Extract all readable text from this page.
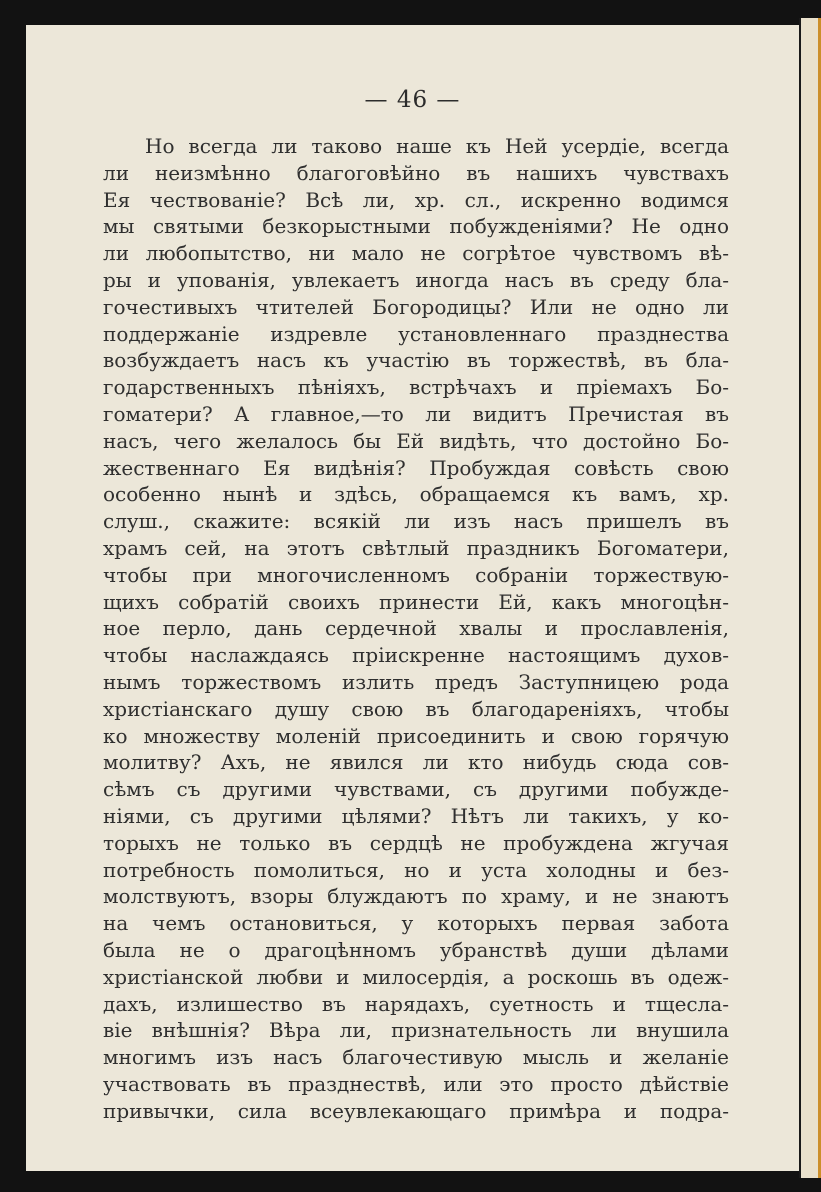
— 46 —
Но всегда ли таково наше къ Ней усердіе, всегда
ли неизмѣнно благоговѣйно въ нашихъ чувствахъ
Ея чествованіе? Всѣ ли, хр. сл., искренно водимся
мы святыми безкорыстными побужденіями? Не одно
ли любопытство, ни мало не согрѣтое чувствомъ вѣ-
ры и упованія, увлекаетъ иногда насъ въ среду бла-
гочестивыхъ чтителей Богородицы? Или не одно ли
поддержаніе издревле установленнаго празднества
возбуждаетъ насъ къ участію въ торжествѣ, въ бла-
годарственныхъ пѣніяхъ, встрѣчахъ и пріемахъ Бо-
гоматери? А главное,—то ли видитъ Пречистая въ
насъ, чего желалось бы Ей видѣть, что достойно Бо-
жественнаго Ея видѣнія? Пробуждая совѣсть свою
особенно нынѣ и здѣсь, обращаемся къ вамъ, хр.
слуш., скажите: всякій ли изъ насъ пришелъ въ
храмъ сей, на этотъ свѣтлый праздникъ Богоматери,
чтобы при многочисленномъ собраніи торжествую-
щихъ собратій своихъ принести Ей, какъ многоцѣн-
ное перло, дань сердечной хвалы и прославленія,
чтобы наслаждаясь пріискренне настоящимъ духов-
нымъ торжествомъ излить предъ Заступницею рода
христіанскаго душу свою въ благодареніяхъ, чтобы
ко множеству моленій присоединить и свою горячую
молитву? Ахъ, не явился ли кто нибудь сюда сов-
сѣмъ съ другими чувствами, съ другими побужде-
ніями, съ другими цѣлями? Нѣтъ ли такихъ, у ко-
торыхъ не только въ сердцѣ не пробуждена жгучая
потребность помолиться, но и уста холодны и без-
молствуютъ, взоры блуждаютъ по храму, и не знаютъ
на чемъ остановиться, у которыхъ первая забота
была не о драгоцѣнномъ убранствѣ души дѣлами
христіанской любви и милосердія, а роскошь въ одеж-
дахъ, излишество въ нарядахъ, суетность и тщесла-
віе внѣшнія? Вѣра ли, признательность ли внушила
многимъ изъ насъ благочестивую мысль и желаніе
участвовать въ празднествѣ, или это просто дѣйствіе
привычки, сила всеувлекающаго примѣра и подра-
